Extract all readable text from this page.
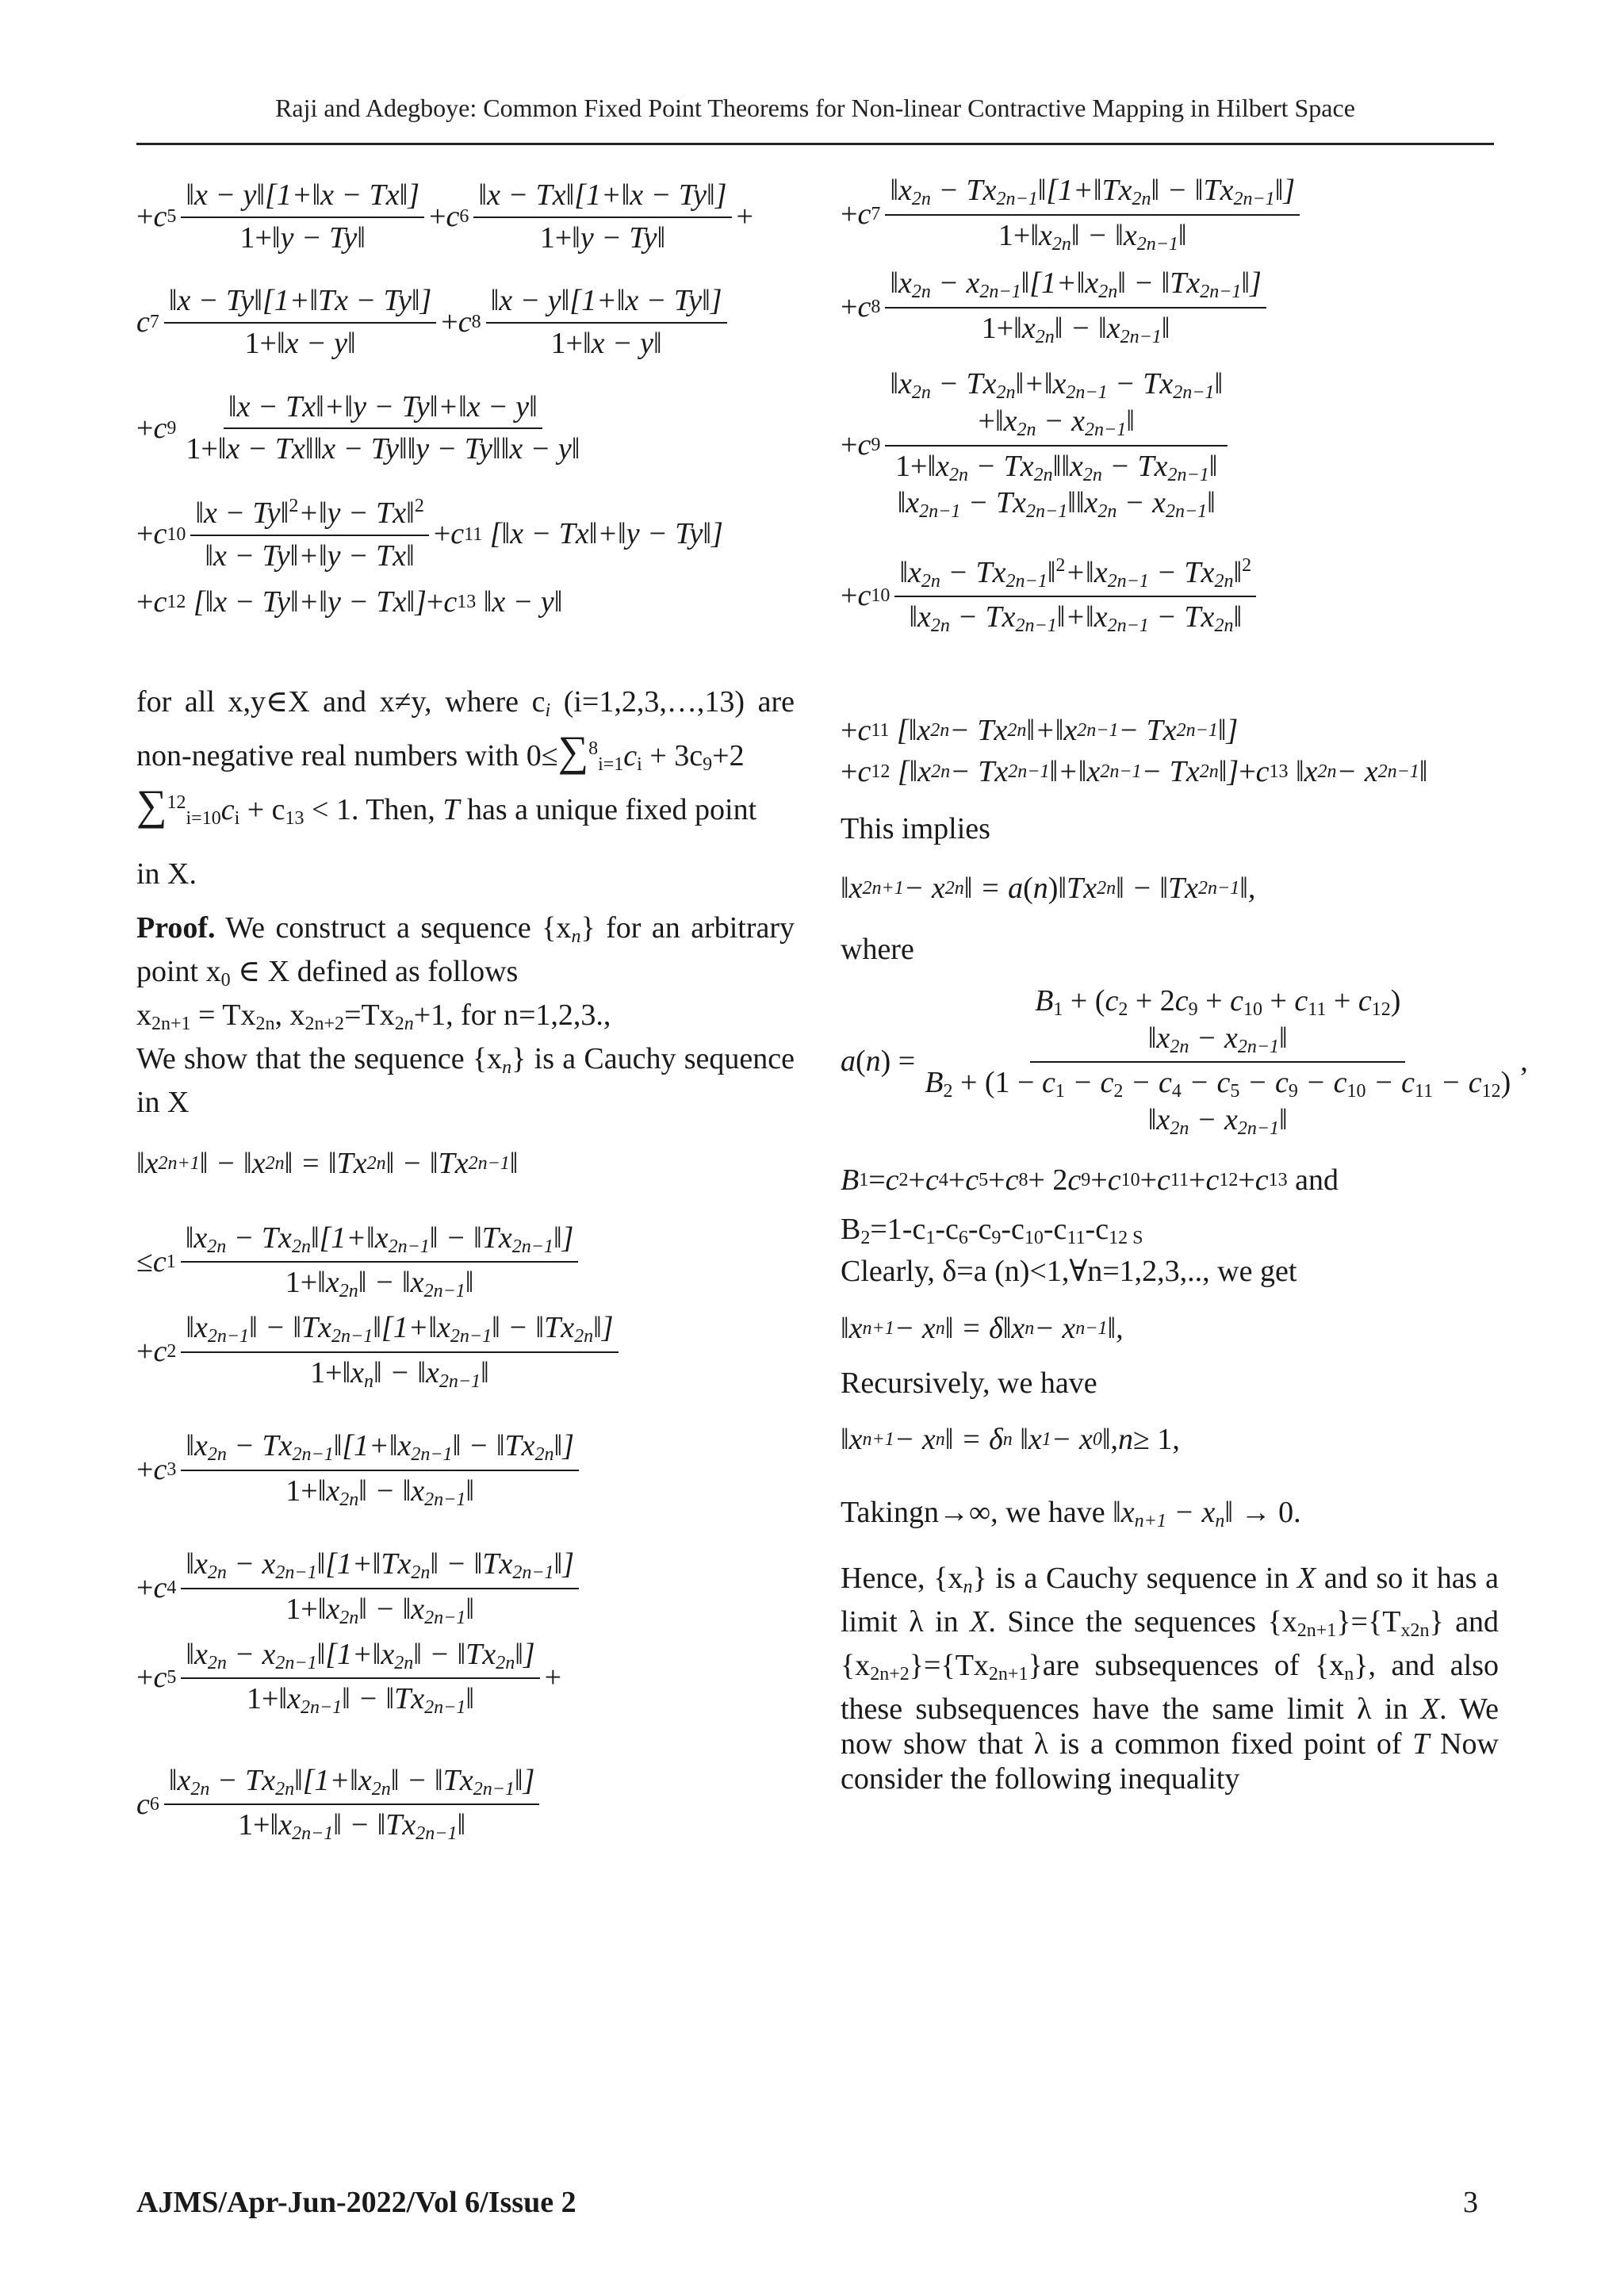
Raji and Adegboye: Common Fixed Point Theorems for Non-linear Contractive Mapping in Hilbert Space
+ c $5 \frac{‖x - y‖[1+‖x - Tx‖]}{1+‖y - Ty‖} + c$ $6 \frac{‖x - Tx‖[1+‖x - Ty‖]}{1+‖y - Ty‖}$ +
c $7 \frac{‖x - Ty‖[1+‖Tx - Ty‖]}{1+‖x - y‖} + c$ $8 \frac{‖x - y‖[1+‖x - Ty‖]}{1+‖x - y‖}$
+ c $9 \frac{‖x - Tx‖+‖y - Ty‖+‖x - y‖}{1+‖x - Tx‖‖x - Ty‖‖y - Ty‖‖x - y‖}$
+ c $10 \frac{‖x - Ty‖^2+‖y - Tx‖^2}{‖x - Ty‖+‖y - Tx‖} + c$ 11 [‖x − Tx‖+‖y − Ty‖]
+ c 12 [‖x − Ty‖+‖y − Tx‖] + c 13 ‖x − y‖

for all x,y∈X and x≠y, where $c_i$ (i=1,2,3,…,13) are non-negative real numbers with $0\le\sum^8_{i=1}c_i + 3c_9+2$
$\sum^{12}_{i=10}c_i + c_{13} < 1$. Then, T has a unique fixed point

in X.

Proof. We construct a sequence $\{x_n\}$ for an arbitrary point $x_0$ ∈ X defined as follows
$x_{2n+1} = Tx_{2n}$, $x_{2n+2}=Tx_{2n}+1$, for n=1,2,3.,
We show that the sequence $\{x_n\}$ is a Cauchy sequence in X

‖x 2n+1 ‖ − ‖x 2n ‖ = ‖Tx 2n ‖ − ‖Tx 2n−1 ‖
≤ c $1 \frac{‖x_{2n} - Tx_{2n}‖[1+‖x_{2n-1}‖ - ‖Tx_{2n-1}‖]}{1+‖x_{2n}‖ - ‖x_{2n-1}‖}$
+ c $2 \frac{‖x_{2n-1}‖ - ‖Tx_{2n-1}‖[1+‖x_{2n-1}‖ - ‖Tx_{2n}‖]}{1+‖x_n‖ - ‖x_{2n-1}‖}$
+ c $3 \frac{‖x_{2n} - Tx_{2n-1}‖[1+‖x_{2n-1}‖ - ‖Tx_{2n}‖]}{1+‖x_{2n}‖ - ‖x_{2n-1}‖}$
+ c $4 \frac{‖x_{2n} - x_{2n-1}‖[1+‖Tx_{2n}‖ - ‖Tx_{2n-1}‖]}{1+‖x_{2n}‖ - ‖x_{2n-1}‖}$
+ c $5 \frac{‖x_{2n} - x_{2n-1}‖[1+‖x_{2n}‖ - ‖Tx_{2n}‖]}{1+‖x_{2n-1}‖ - ‖Tx_{2n-1}‖}$ +
c $6 \frac{‖x_{2n} - Tx_{2n}‖[1+‖x_{2n}‖ - ‖Tx_{2n-1}‖]}{1+‖x_{2n-1}‖ - ‖Tx_{2n-1}‖}$
+ c $7 \frac{‖x_{2n} - Tx_{2n-1}‖[1+‖Tx_{2n}‖ - ‖Tx_{2n-1}‖]}{1+‖x_{2n}‖ - ‖x_{2n-1}‖}$
+ c $8 \frac{‖x_{2n} - x_{2n-1}‖[1+‖x_{2n}‖ - ‖Tx_{2n-1}‖]}{1+‖x_{2n}‖ - ‖x_{2n-1}‖}$
+ c 9 $‖x_{2n}$ − $Tx_{2n}‖+‖x_{2n-1}$ − $Tx_{2n-1}‖$
$+‖x_{2n}$ − $x_{2n-1}‖$
$1+‖x_{2n}$ − $Tx_{2n}‖‖x_{2n}$ − $Tx_{2n-1}‖$
$‖x_{2n-1}$ − $Tx_{2n-1}‖‖x_{2n}$ − $x_{2n-1}‖$
+ c $10 \frac{‖x_{2n} - Tx_{2n-1}‖^2+‖x_{2n-1} - Tx_{2n}‖^2}{‖x_{2n} - Tx_{2n-1}‖+‖x_{2n-1} - Tx_{2n}‖}$
+ c 11 [‖x 2n − Tx 2n ‖+‖x 2n−1 − Tx 2n−1 ‖]
+ c 12 [‖x 2n − Tx 2n−1 ‖+‖x 2n−1 − Tx 2n ‖] + c 13 ‖x 2n − x 2n−1 ‖

This implies

‖x 2n+1 − x 2n ‖ = a ( n ) ‖Tx 2n ‖ − ‖Tx 2n−1 ‖,

where

a ( n ) =
$B_1 + (c_2 + 2c_9 + c_{10} + c_{11} + c_{12})$
$‖x_{2n}$ − $x_{2n-1}‖$
$B_2 + (1 - c_1 - c_2 - c_4 - c_5 - c_9 - c_{10} - c_{11} - c_{12})$
$‖x_{2n}$ − $x_{2n-1}‖$
,
B 1 = c 2 + c 4 + c 5 + c 8 + 2 c 9 + c 10 + c 11 + c 12 + c 13
and

$B_2=1-c_1-c_6-c_9-c_{10}-c_{11}-c_{12 S}$
Clearly, δ=a (n)<1,∀n=1,2,3,.., we get

‖x n+1 − x n ‖ = δ‖x n − x n−1 ‖,

Recursively, we have

‖x n+1 − x n ‖ = δ n ‖x 1 − x 0 ‖ , n ≥ 1,

Takingn→∞, we have $‖x_{n+1}$ − $x_n‖ \to 0$.

Hence, $\{x_n\}$ is a Cauchy sequence in X and so it has a limit λ in X. Since the sequences $\{x_{2n+1}\}=\{T_{x2n}\}$ and $\{x_{2n+2}\}=\{Tx_{2n+1}\}are$ subsequences of $\{x_n\}$, and also these subsequences have the same limit λ in X. We now show that λ is a common fixed point of T Now consider the following inequality

AJMS/Apr-Jun-2022/Vol 6/Issue 2	3
